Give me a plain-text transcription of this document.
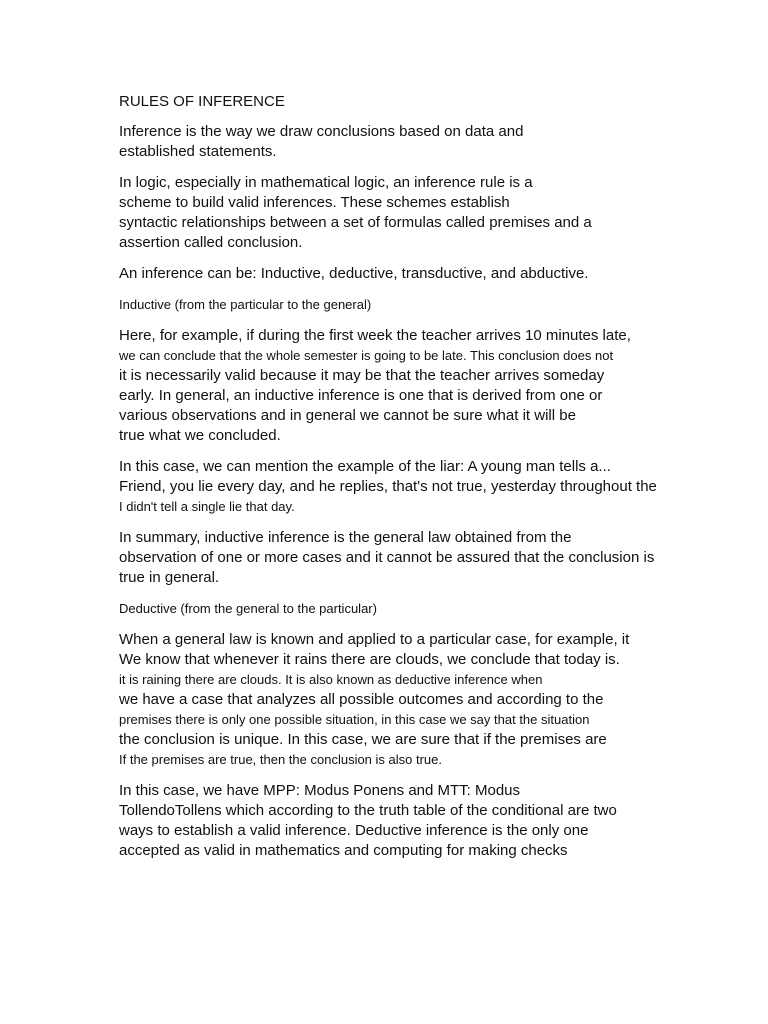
RULES OF INFERENCE
Inference is the way we draw conclusions based on data and
established statements.
In logic, especially in mathematical logic, an inference rule is a
scheme to build valid inferences. These schemes establish
syntactic relationships between a set of formulas called premises and a
assertion called conclusion.
An inference can be: Inductive, deductive, transductive, and abductive.
Inductive (from the particular to the general)
Here, for example, if during the first week the teacher arrives 10 minutes late,
we can conclude that the whole semester is going to be late. This conclusion does not
it is necessarily valid because it may be that the teacher arrives someday
early. In general, an inductive inference is one that is derived from one or
various observations and in general we cannot be sure what it will be
true what we concluded.
In this case, we can mention the example of the liar: A young man tells a...
Friend, you lie every day, and he replies, that's not true, yesterday throughout the
I didn't tell a single lie that day.
In summary, inductive inference is the general law obtained from the
observation of one or more cases and it cannot be assured that the conclusion is
true in general.
Deductive (from the general to the particular)
When a general law is known and applied to a particular case, for example, it
We know that whenever it rains there are clouds, we conclude that today is.
it is raining there are clouds. It is also known as deductive inference when
we have a case that analyzes all possible outcomes and according to the
premises there is only one possible situation, in this case we say that the situation
the conclusion is unique. In this case, we are sure that if the premises are
If the premises are true, then the conclusion is also true.
In this case, we have MPP: Modus Ponens and MTT: Modus
TollendoTollens which according to the truth table of the conditional are two
ways to establish a valid inference. Deductive inference is the only one
accepted as valid in mathematics and computing for making checks
